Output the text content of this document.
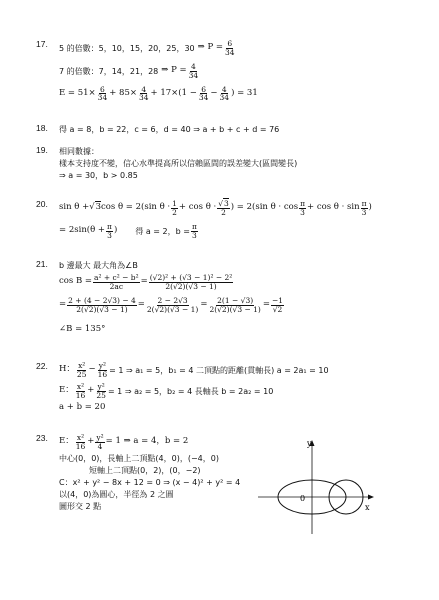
17. 5 的倍數：5，10，15，20，25，30 ⇒ $P = \frac{6}{34}$
7 的倍數：7，14，21，28 ⇒ $P = \frac{4}{34}$
$E = 51\times \frac{6}{34} + 85\times \frac{4}{34} + 17\times(1 - \frac{6}{34} - \frac{4}{34}$ ) = 31
18. 得 a = 8，b = 22，c = 6，d = 40 ⇒ a + b + c + d = 76
19. 相同數據：
樣本支持度不變，信心水準提高所以信賴區間的誤差變大(區間變長)
⇒ a = 30，b > 0.85
20. sin θ + √3 cos θ = 2(sin θ · 1
2 + cos θ · √3
2 ) = 2(sin θ · cos π
3 + cos θ · sin π
3 )
= $2\sin(\theta + \frac{\pi}{3}$ ) 得 a = 2，$b = \frac{\pi}{3}$
21. b 邊最大 最大角為∠B
$\cos B = \frac{\text{a² + c² − b²}}{2ac} = \frac{\text{(√2)² + (√3 − 1)² − 2²}}{2(√2)(√3 - 1)}$
= $\frac{2 + (4 - 2√3) - 4}{2(√2)(√3 - 1)} = \frac{2 - 2√3}{2(√2)(√3 - 1)} = \frac{2(1 - √3)}{2(√2)(√3 - 1)} = \frac{-1}{√2}$
∠B = 135°
22. H： x²
$25 - \frac{\text{y²}}{16} = 1$ ⇒ a₁ = 5，b₁ = 4 二頂點的距離(貫軸長) a = 2a₁ = 10
E： x²
$16 + \frac{\text{y²}}{25} = 1$ ⇒ a₂ = 5，b₂ = 4 長軸長 b = 2a₂ = 10
a + b = 20
23. E： x²
$16 + \frac{\text{y²}}{4} = 1$ ⇒ a = 4，b = 2
中心(0，0)，長軸上二頂點(4，0)，(−4，0)
短軸上二頂點(0，2)，(0，−2)
C：x² + y² − 8x + 12 = 0 ⇒ (x − 4)² + y² = 4
以(4，0)為圓心，半徑為 2 之圓
圖形交 2 點
y
x
0
